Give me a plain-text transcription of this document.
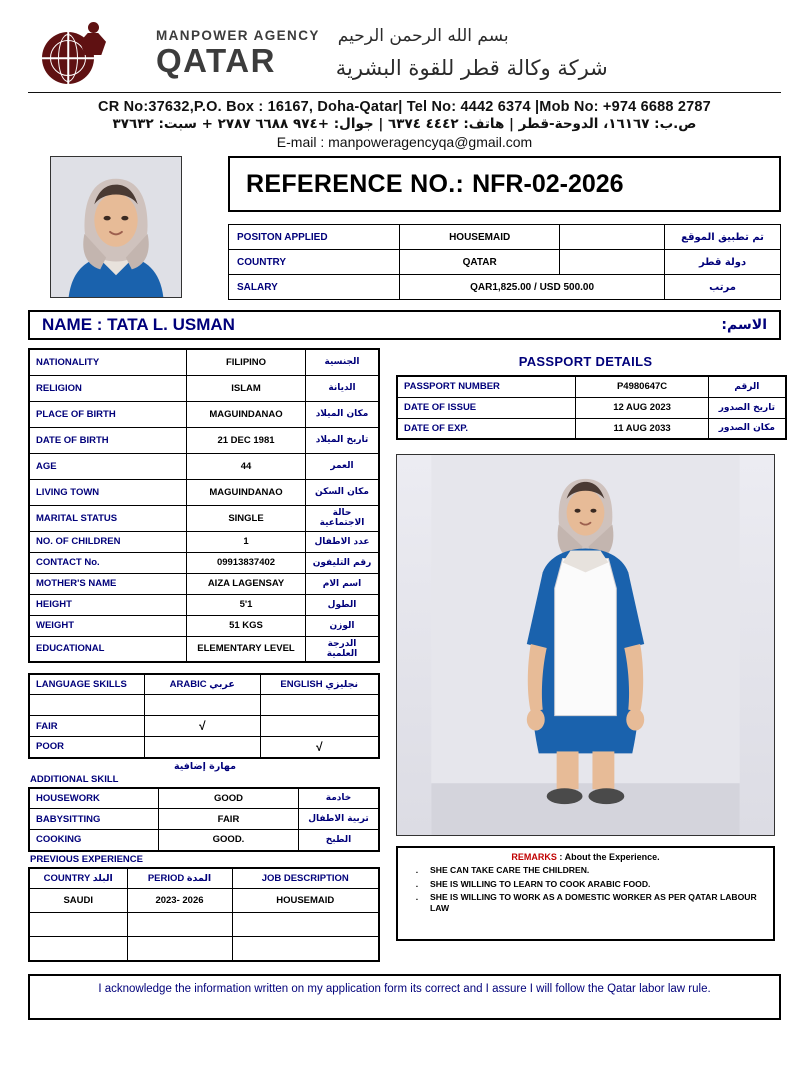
MANPOWER AGENCY
QATAR
بسم الله الرحمن الرحيم
شركة وكالة قطر للقوة البشرية
CR No:37632,P.O. Box : 16167, Doha-Qatar| Tel No: 4442 6374 |Mob No: +974 6688 2787
ص.ب: ١٦١٦٧، الدوحة-قطر | هاتف: ٤٤٤٢ ٦٣٧٤ | جوال: +٩٧٤ ٦٦٨٨ ٢٧٨٧ + سبت: ٣٧٦٣٢
E-mail : manpoweragencyqa@gmail.com
REFERENCE NO.: NFR-02-2026
POSITON APPLIED	HOUSEMAID		تم تطبيق الموقع
COUNTRY	QATAR		دولة قطر
SALARY	QAR1,825.00 / USD 500.00		مرتب
NAME : TATA L. USMAN	الاسم:
NATIONALITY	FILIPINO	الجنسية
RELIGION	ISLAM	الديانة
PLACE OF BIRTH	MAGUINDANAO	مكان الميلاد
DATE OF BIRTH	21 DEC 1981	تاريخ الميلاد
AGE	44	العمر
LIVING TOWN	MAGUINDANAO	مكان السكن
MARITAL STATUS	SINGLE	حالة الاجتماعية
NO. OF CHILDREN	1	عدد الاطفال
CONTACT No.	09913837402	رقم التليفون
MOTHER'S NAME	AIZA LAGENSAY	اسم الام
HEIGHT	5'1	الطول
WEIGHT	51 KGS	الوزن
EDUCATIONAL	ELEMENTARY LEVEL	الدرجة العلمية
LANGUAGE SKILLS	ARABIC عربي	ENGLISH نجليزي

FAIR	√	
POOR		√
مهارة إضافية
ADDITIONAL SKILL
HOUSEWORK	GOOD	خادمة
BABYSITTING	FAIR	تربية الاطفال
COOKING	GOOD.	الطبخ
PREVIOUS EXPERIENCE
COUNTRY البلد	PERIOD المدة	JOB DESCRIPTION
SAUDI	2023- 2026	HOUSEMAID

PASSPORT DETAILS
PASSPORT NUMBER	P4980647C	الرقم
DATE OF ISSUE	12 AUG 2023	تاريخ الصدور
DATE OF EXP.	11 AUG 2033	مكان الصدور
REMARKS : About the Experience.
.	SHE CAN TAKE CARE THE CHILDREN.
.	SHE IS WILLING TO LEARN TO COOK ARABIC FOOD.
.	SHE IS WILLING TO WORK AS A DOMESTIC WORKER AS PER QATAR LABOUR LAW
I acknowledge the information written on my application form its correct and I assure I will follow the Qatar labor law rule.
